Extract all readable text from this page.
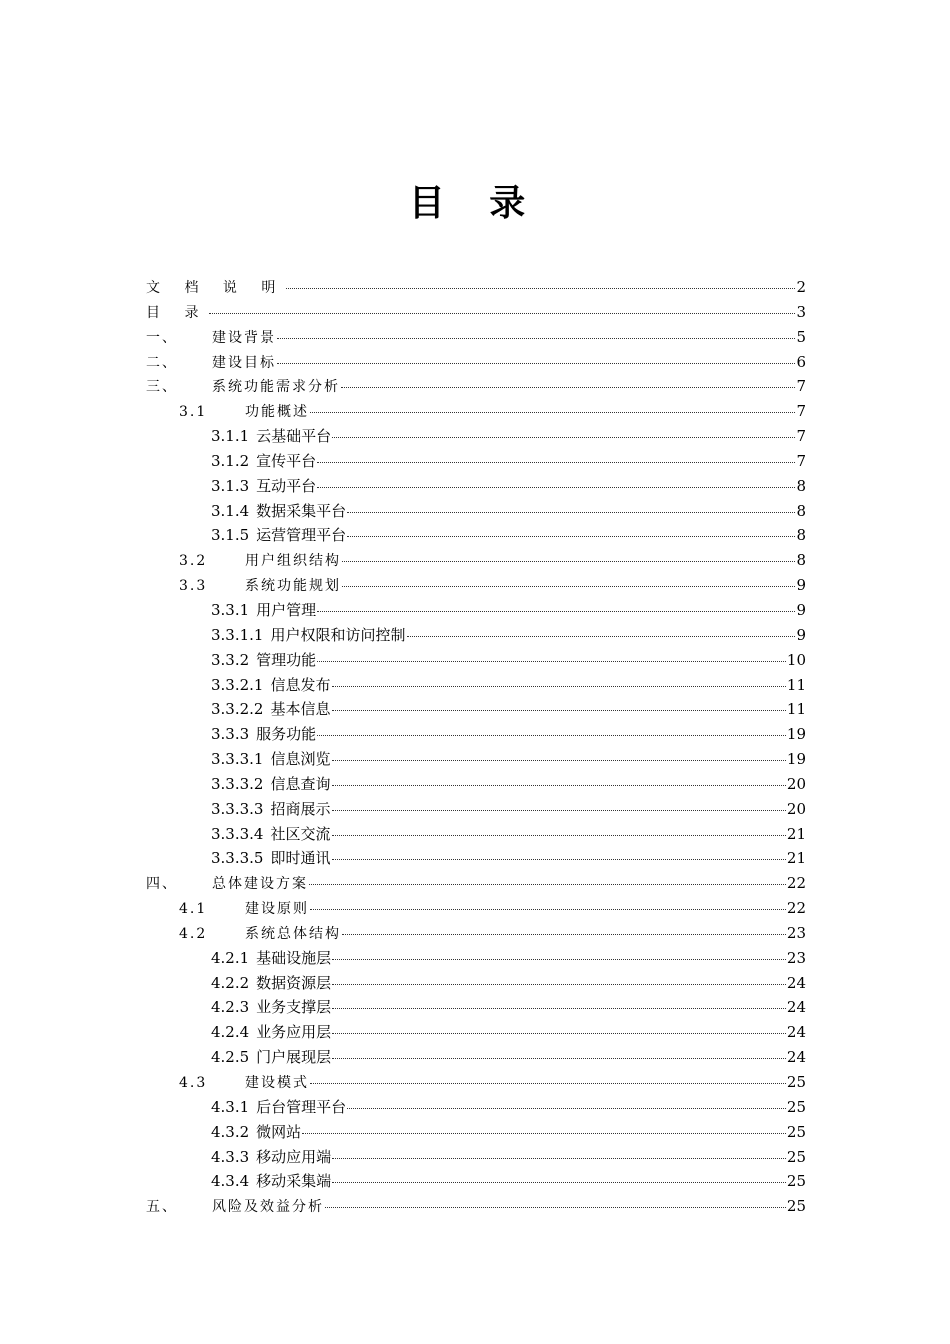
目 录
文 档 说 明	2
目 录	3
一、	建设背景	5
二、	建设目标	6
三、	系统功能需求分析	7
3.1	功能概述	7
3.1.1 云基础平台	7
3.1.2 宣传平台	7
3.1.3 互动平台	8
3.1.4 数据采集平台	8
3.1.5 运营管理平台	8
3.2	用户组织结构	8
3.3	系统功能规划	9
3.3.1 用户管理	9
3.3.1.1 用户权限和访问控制	9
3.3.2 管理功能	10
3.3.2.1 信息发布	11
3.3.2.2 基本信息	11
3.3.3 服务功能	19
3.3.3.1 信息浏览	19
3.3.3.2 信息查询	20
3.3.3.3 招商展示	20
3.3.3.4 社区交流	21
3.3.3.5 即时通讯	21
四、	总体建设方案	22
4.1	建设原则	22
4.2	系统总体结构	23
4.2.1 基础设施层	23
4.2.2 数据资源层	24
4.2.3 业务支撑层	24
4.2.4 业务应用层	24
4.2.5 门户展现层	24
4.3	建设模式	25
4.3.1 后台管理平台	25
4.3.2 微网站	25
4.3.3 移动应用端	25
4.3.4 移动采集端	25
五、	风险及效益分析	25
